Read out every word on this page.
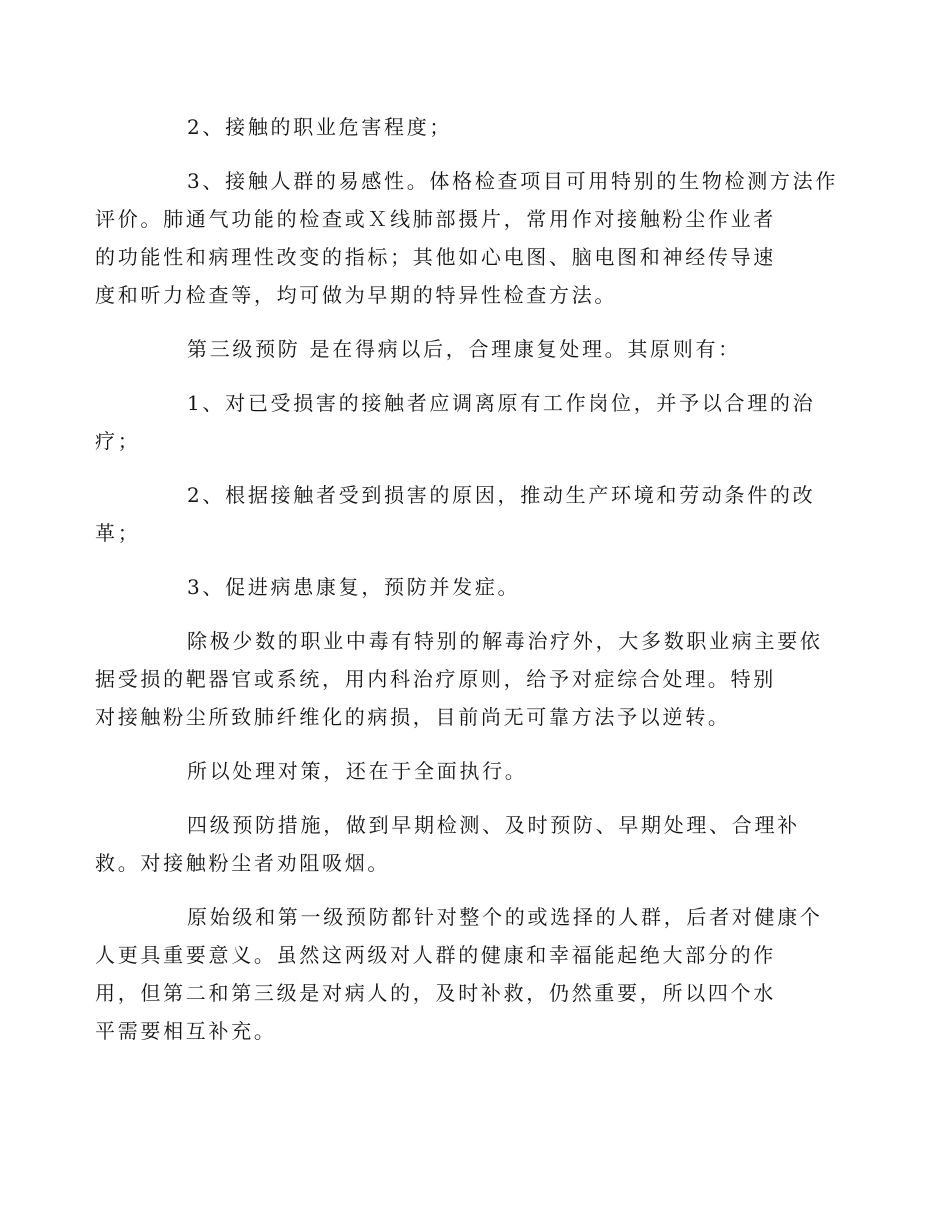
2、接触的职业危害程度；

3、接触人群的易感性。体格检查项目可用特别的生物检测方法作
评价。肺通气功能的检查或Ｘ线肺部摄片，常用作对接触粉尘作业者
的功能性和病理性改变的指标；其他如心电图、脑电图和神经传导速
度和听力检查等，均可做为早期的特异性检查方法。

第三级预防 是在得病以后，合理康复处理。其原则有：

1、对已受损害的接触者应调离原有工作岗位，并予以合理的治
疗；

2、根据接触者受到损害的原因，推动生产环境和劳动条件的改
革；

3、促进病患康复，预防并发症。

除极少数的职业中毒有特别的解毒治疗外，大多数职业病主要依
据受损的靶器官或系统，用内科治疗原则，给予对症综合处理。特别
对接触粉尘所致肺纤维化的病损，目前尚无可靠方法予以逆转。

所以处理对策，还在于全面执行。

四级预防措施，做到早期检测、及时预防、早期处理、合理补
救。对接触粉尘者劝阻吸烟。

原始级和第一级预防都针对整个的或选择的人群，后者对健康个
人更具重要意义。虽然这两级对人群的健康和幸福能起绝大部分的作
用，但第二和第三级是对病人的，及时补救，仍然重要，所以四个水
平需要相互补充。
